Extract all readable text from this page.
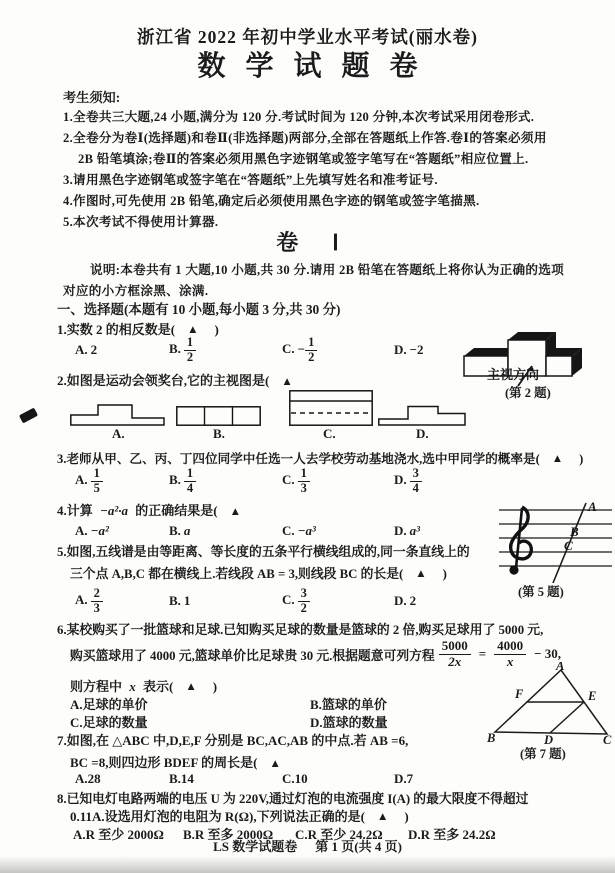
浙江省 2022 年初中学业水平考试(丽水卷)
数学试题卷
考生须知:
1.全卷共三大题,24 小题,满分为 120 分.考试时间为 120 分钟,本次考试采用闭卷形式.
2.全卷分为卷Ⅰ(选择题)和卷Ⅱ(非选择题)两部分,全部在答题纸上作答.卷Ⅰ的答案必须用
2B 铅笔填涂;卷Ⅱ的答案必须用黑色字迹钢笔或签字笔写在“答题纸”相应位置上.
3.请用黑色字迹钢笔或签字笔在“答题纸”上先填写姓名和准考证号.
4.作图时,可先使用 2B 铅笔,确定后必须使用黑色字迹的钢笔或签字笔描黑.
5.本次考试不得使用计算器.
卷 Ⅰ
说明:本卷共有 1 大题,10 小题,共 30 分.请用 2B 铅笔在答题纸上将你认为正确的选项
对应的小方框涂黑、涂满.
一、选择题(本题有 10 小题,每小题 3 分,共 30 分)
1.实数 2 的相反数是( ▲ )
A. 2	B. $\frac{1}{2}$	C. − $\frac{1}{2}$	D. −2
主视方向
(第 2 题)
2.如图是运动会领奖台,它的主视图是( ▲
A.	B.	C.	D.
3.老师从甲、乙、丙、丁四位同学中任选一人去学校劳动基地浇水,选中甲同学的概率是( ▲ )
A. $\frac{1}{5}$	B. $\frac{1}{4}$	C. $\frac{1}{3}$	D. $\frac{3}{4}$
4.计算 −a²·a 的正确结果是( ▲
A. −a²	B. a	C. −a³	D. a³
A
B
C
(第 5 题)
5.如图,五线谱是由等距离、等长度的五条平行横线组成的,同一条直线上的
三个点 A,B,C 都在横线上.若线段 AB = 3,则线段 BC 的长是( ▲ )
A. $\frac{2}{3}$	B. 1	C. $\frac{3}{2}$	D. 2
6.某校购买了一批篮球和足球.已知购买足球的数量是篮球的 2 倍,购买足球用了 5000 元,
购买篮球用了 4000 元,篮球单价比足球贵 30 元.根据题意可列方程 $\frac{5000}{2x} = \frac{4000}{x} - 30$,
则方程中 x 表示( ▲ )
A.足球的单价	B.篮球的单价
C.足球的数量	D.篮球的数量
A
B	C
D
E
F
(第 7 题)
7.如图,在 △ABC 中,D,E,F 分别是 BC,AC,AB 的中点.若 AB =6,
BC =8,则四边形 BDEF 的周长是( ▲
A.28	B.14	C.10	D.7
8.已知电灯电路两端的电压 U 为 220V,通过灯泡的电流强度 I(A) 的最大限度不得超过
0.11A.设选用灯泡的电阻为 R(Ω),下列说法正确的是( ▲ )
A.R 至少 2000Ω B.R 至多 2000Ω C.R 至少 24.2Ω D.R 至多 24.2Ω
LS 数学试题卷 第 1 页(共 4 页)
